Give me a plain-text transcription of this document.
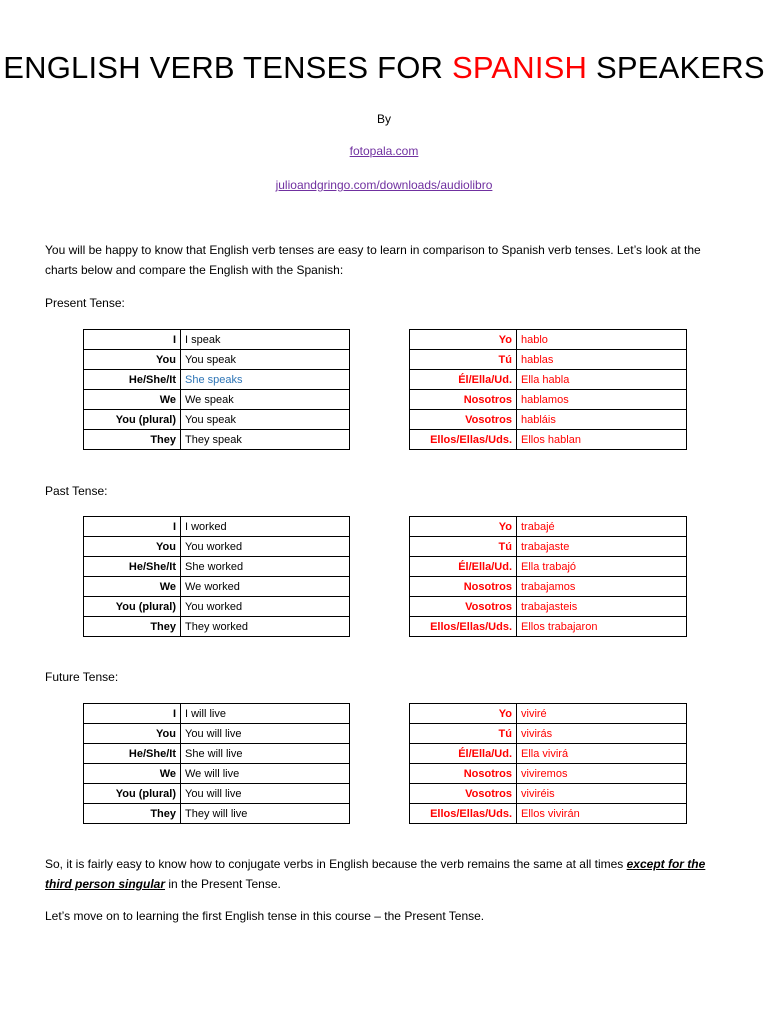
ENGLISH VERB TENSES FOR SPANISH SPEAKERS
By
fotopala.com
julioandgringo.com/downloads/audiolibro
You will be happy to know that English verb tenses are easy to learn in comparison to Spanish verb tenses. Let’s look at the charts below and compare the English with the Spanish:
Present Tense:
I	I speak
You	You speak
He/She/It	She speaks
We	We speak
You (plural)	You speak
They	They speak
Yo	hablo
Tú	hablas
Él/Ella/Ud.	Ella habla
Nosotros	hablamos
Vosotros	habláis
Ellos/Ellas/Uds.	Ellos hablan
Past Tense:
I	I worked
You	You worked
He/She/It	She worked
We	We worked
You (plural)	You worked
They	They worked
Yo	trabajé
Tú	trabajaste
Él/Ella/Ud.	Ella trabajó
Nosotros	trabajamos
Vosotros	trabajasteis
Ellos/Ellas/Uds.	Ellos trabajaron
Future Tense:
I	I will live
You	You will live
He/She/It	She will live
We	We will live
You (plural)	You will live
They	They will live
Yo	viviré
Tú	vivirás
Él/Ella/Ud.	Ella vivirá
Nosotros	viviremos
Vosotros	viviréis
Ellos/Ellas/Uds.	Ellos vivirán
So, it is fairly easy to know how to conjugate verbs in English because the verb remains the same at all times except for the third person singular in the Present Tense.
Let’s move on to learning the first English tense in this course – the Present Tense.
